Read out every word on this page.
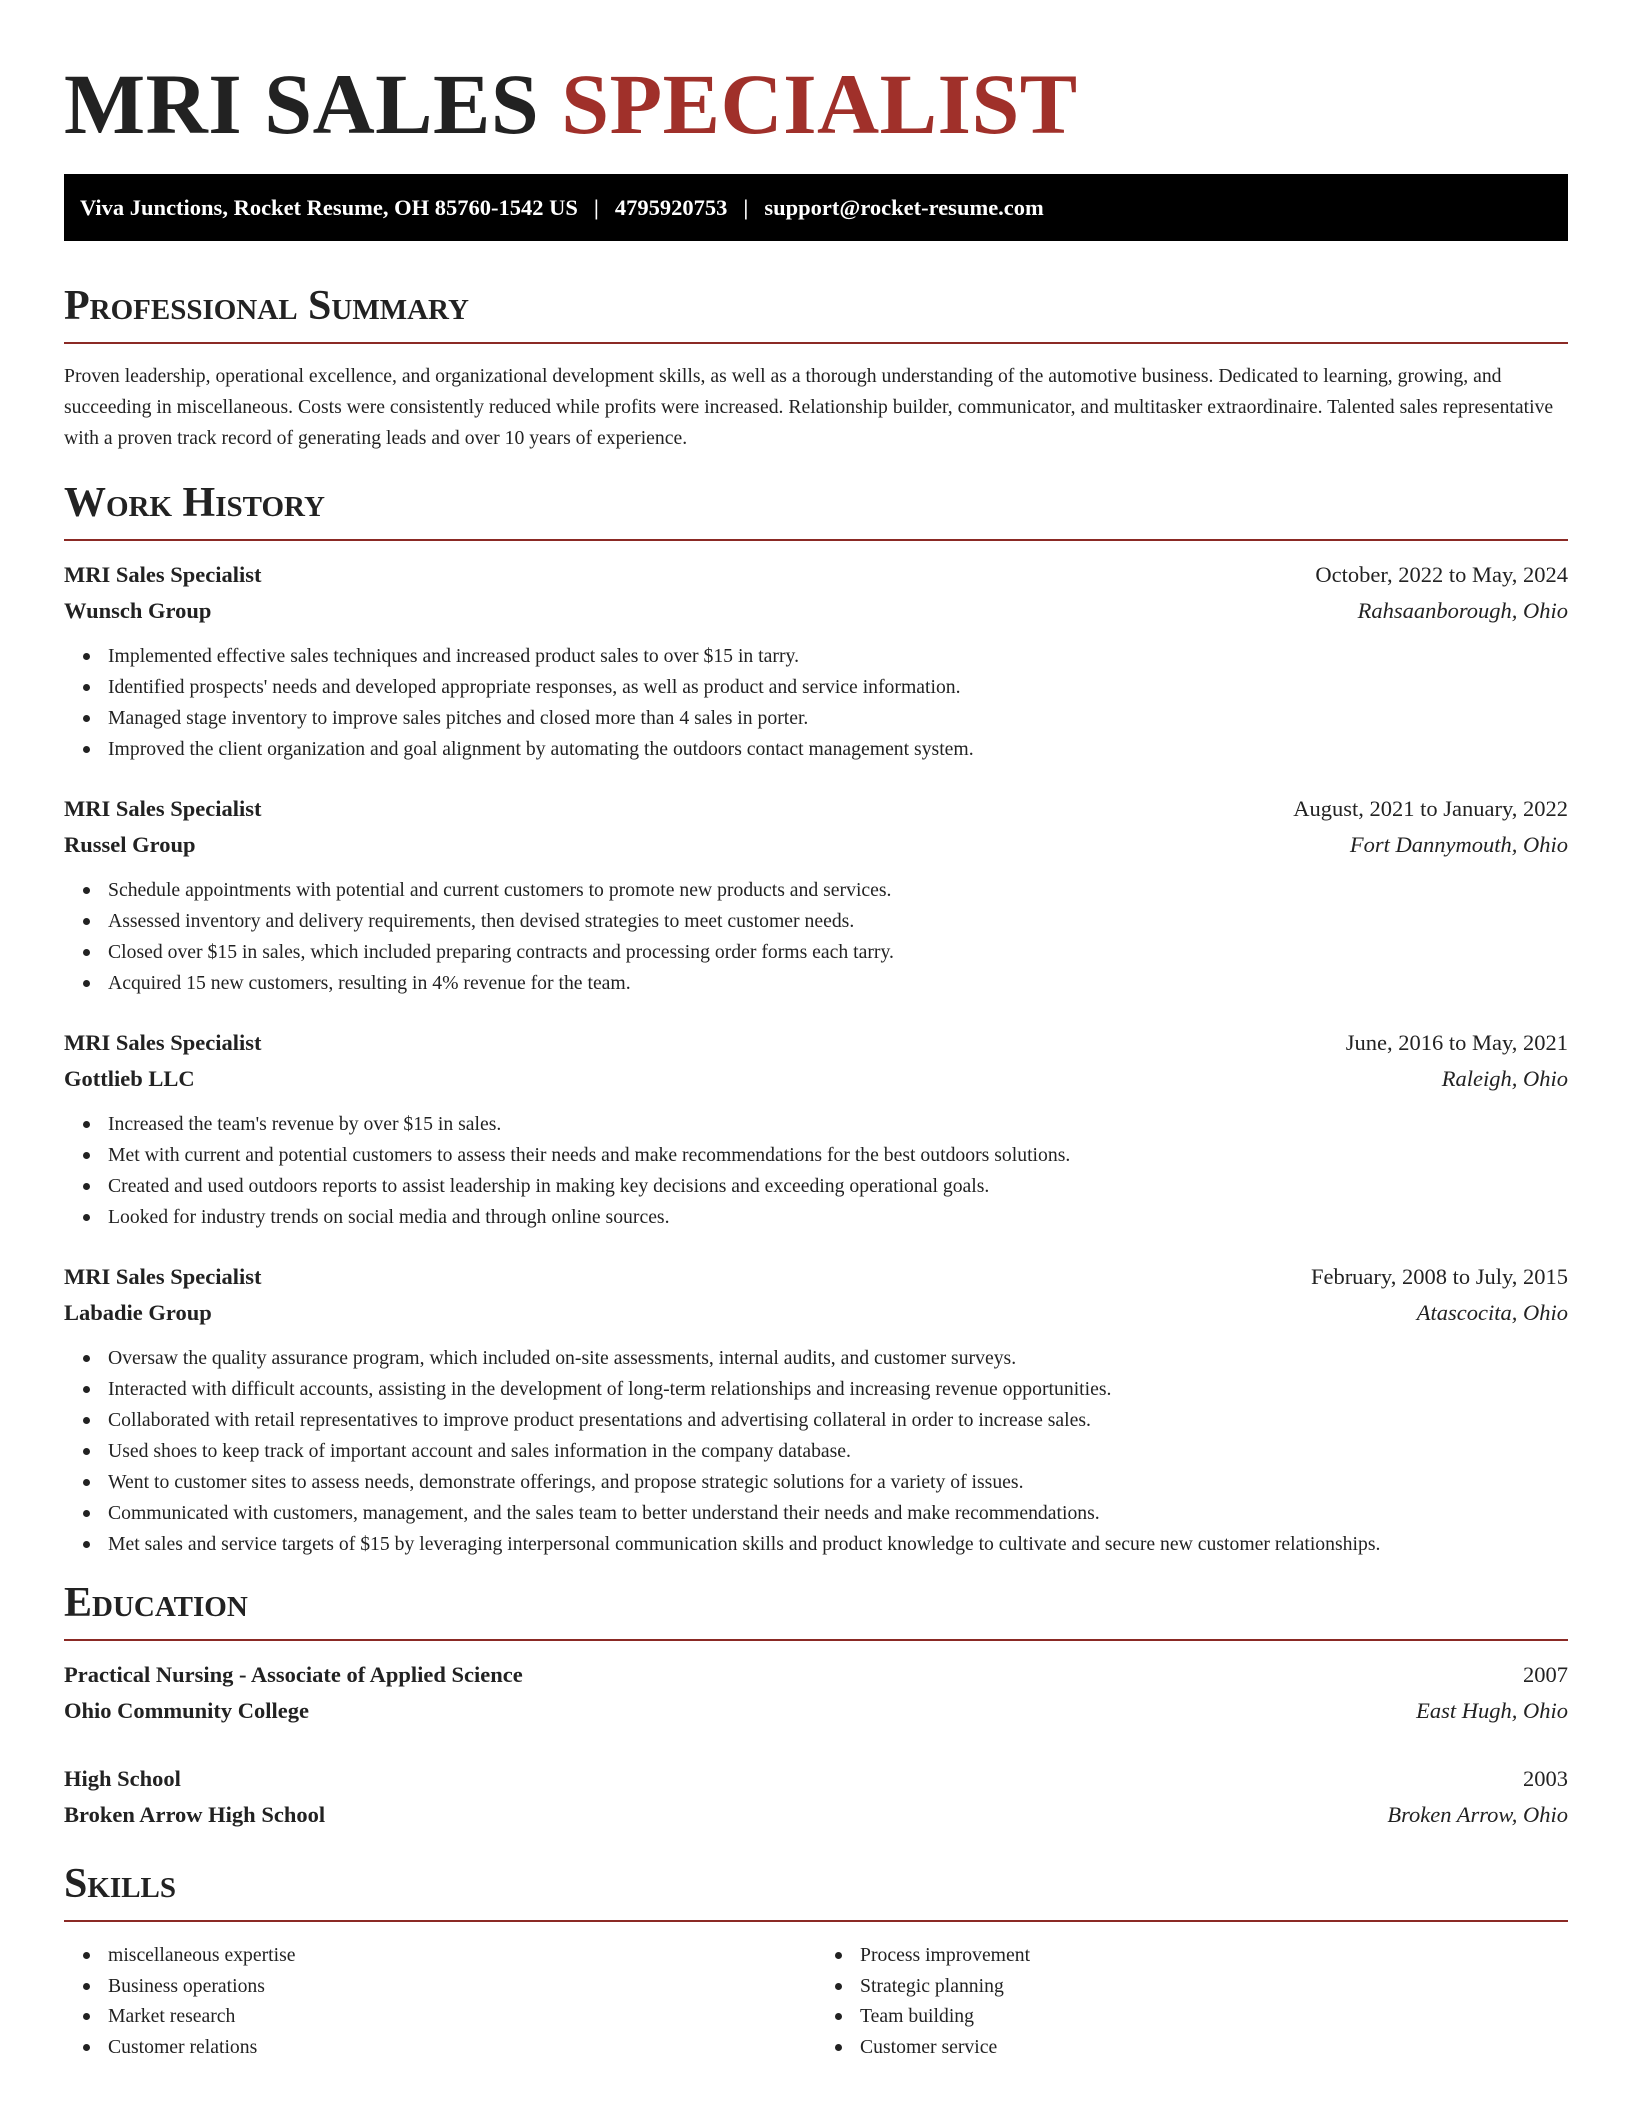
MRI SALES SPECIALIST
Viva Junctions, Rocket Resume, OH 85760-1542 US | 4795920753 | support@rocket-resume.com
Professional Summary

Proven leadership, operational excellence, and organizational development skills, as well as a thorough understanding of the automotive business. Dedicated to learning, growing, and succeeding in miscellaneous. Costs were consistently reduced while profits were increased. Relationship builder, communicator, and multitasker extraordinaire. Talented sales representative with a proven track record of generating leads and over 10 years of experience.

Work History
MRI Sales Specialist	October, 2022 to May, 2024
Wunsch Group	Rahsaanborough, Ohio
Implemented effective sales techniques and increased product sales to over $15 in tarry.
Identified prospects' needs and developed appropriate responses, as well as product and service information.
Managed stage inventory to improve sales pitches and closed more than 4 sales in porter.
Improved the client organization and goal alignment by automating the outdoors contact management system.
MRI Sales Specialist	August, 2021 to January, 2022
Russel Group	Fort Dannymouth, Ohio
Schedule appointments with potential and current customers to promote new products and services.
Assessed inventory and delivery requirements, then devised strategies to meet customer needs.
Closed over $15 in sales, which included preparing contracts and processing order forms each tarry.
Acquired 15 new customers, resulting in 4% revenue for the team.
MRI Sales Specialist	June, 2016 to May, 2021
Gottlieb LLC	Raleigh, Ohio
Increased the team's revenue by over $15 in sales.
Met with current and potential customers to assess their needs and make recommendations for the best outdoors solutions.
Created and used outdoors reports to assist leadership in making key decisions and exceeding operational goals.
Looked for industry trends on social media and through online sources.
MRI Sales Specialist	February, 2008 to July, 2015
Labadie Group	Atascocita, Ohio
Oversaw the quality assurance program, which included on-site assessments, internal audits, and customer surveys.
Interacted with difficult accounts, assisting in the development of long-term relationships and increasing revenue opportunities.
Collaborated with retail representatives to improve product presentations and advertising collateral in order to increase sales.
Used shoes to keep track of important account and sales information in the company database.
Went to customer sites to assess needs, demonstrate offerings, and propose strategic solutions for a variety of issues.
Communicated with customers, management, and the sales team to better understand their needs and make recommendations.
Met sales and service targets of $15 by leveraging interpersonal communication skills and product knowledge to cultivate and secure new customer relationships.
Education
Practical Nursing - Associate of Applied Science	2007
Ohio Community College	East Hugh, Ohio
High School	2003
Broken Arrow High School	Broken Arrow, Ohio
Skills
miscellaneous expertise
Business operations
Market research
Customer relations
Process improvement
Strategic planning
Team building
Customer service
